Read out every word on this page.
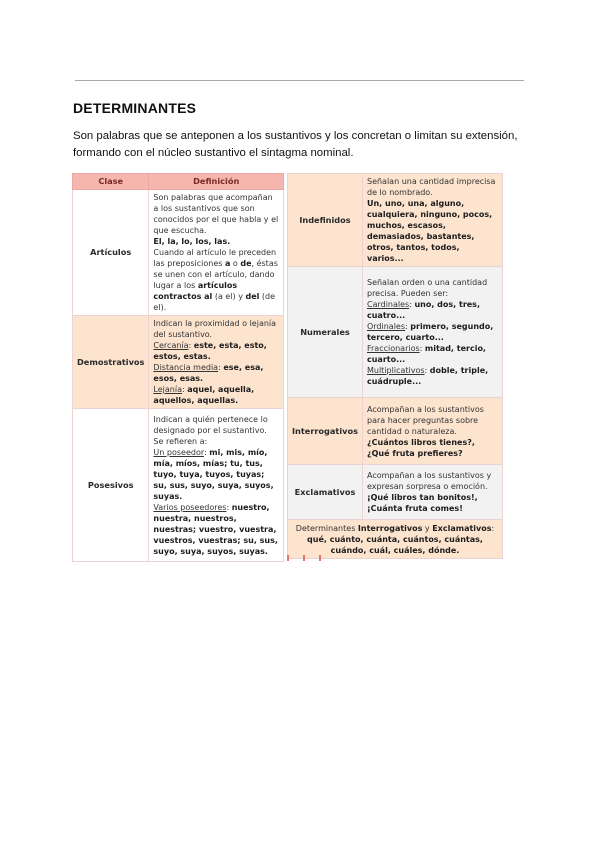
DETERMINANTES

Son palabras que se anteponen a los sustantivos y los concretan o limitan su extensión, formando con el núcleo sustantivo el sintagma nominal.

Clase	Definición
Artículos	Son palabras que acompañan a los sustantivos que son conocidos por el que habla y el que escucha.
El, la, lo, los, las.
Cuando al artículo le preceden las preposiciones a o de, éstas se unen con el artículo, dando lugar a los artículos contractos al (a el) y del (de el).
Demostrativos	Indican la proximidad o lejanía del sustantivo.
Cercanía: este, esta, esto, estos, estas.
Distancia media: ese, esa, esos, esas.
Lejanía: aquel, aquella, aquellos, aquellas.
Posesivos	Indican a quién pertenece lo designado por el sustantivo. Se refieren a:
Un poseedor: mi, mis, mío, mía, míos, mías; tu, tus, tuyo, tuya, tuyos, tuyas; su, sus, suyo, suya, suyos, suyas.
Varios poseedores: nuestro, nuestra, nuestros, nuestras; vuestro, vuestra, vuestros, vuestras; su, sus, suyo, suya, suyos, suyas.
Indefinidos	Señalan una cantidad imprecisa de lo nombrado.
Un, uno, una, alguno, cualquiera, ninguno, pocos, muchos, escasos, demasiados, bastantes, otros, tantos, todos, varios...
Numerales	Señalan orden o una cantidad precisa. Pueden ser:
Cardinales: uno, dos, tres, cuatro...
Ordinales: primero, segundo, tercero, cuarto...
Fraccionarios: mitad, tercio, cuarto...
Multiplicativos: doble, triple, cuádruple...
Interrogativos	Acompañan a los sustantivos para hacer preguntas sobre cantidad o naturaleza.
¿Cuántos libros tienes?, ¿Qué fruta prefieres?
Exclamativos	Acompañan a los sustantivos y expresan sorpresa o emoción.
¡Qué libros tan bonitos!, ¡Cuánta fruta comes!
Determinantes Interrogativos y Exclamativos:
qué, cuánto, cuánta, cuántos, cuántas, cuándo, cuál, cuáles, dónde.	
